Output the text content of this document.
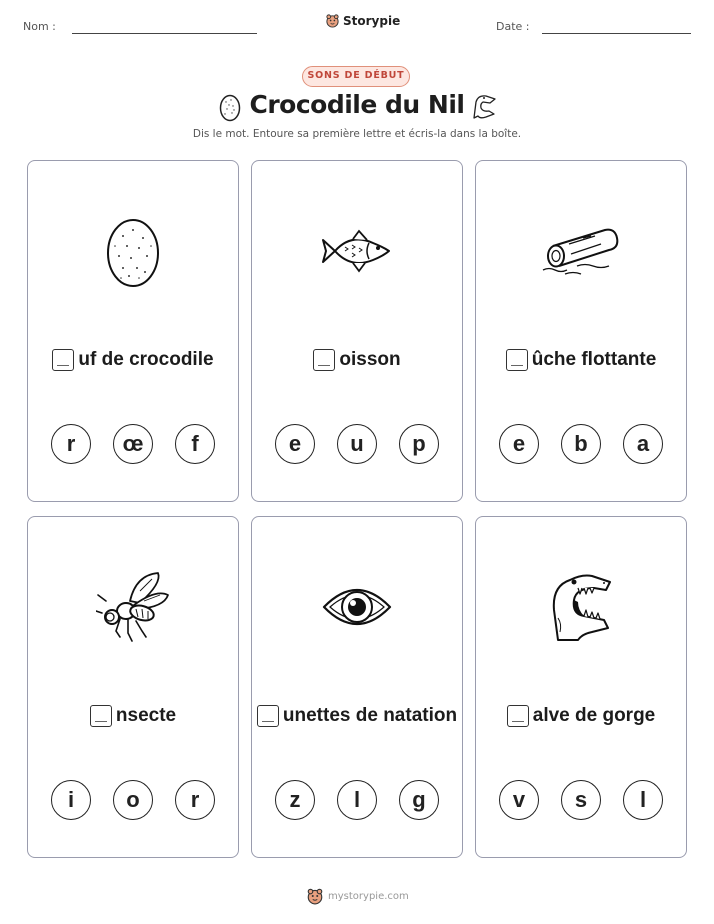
Nom :	Storypie	Date :
SONS DE DÉBUT
Crocodile du Nil
Dis le mot. Entoure sa première lettre et écris-la dans la boîte.
uf de crocodile
r	œ	f
oisson
e	u	p
ûche flottante
e	b	a
nsecte
i	o	r
unettes de natation
z	l	g
alve de gorge
v	s	l
mystorypie.com
